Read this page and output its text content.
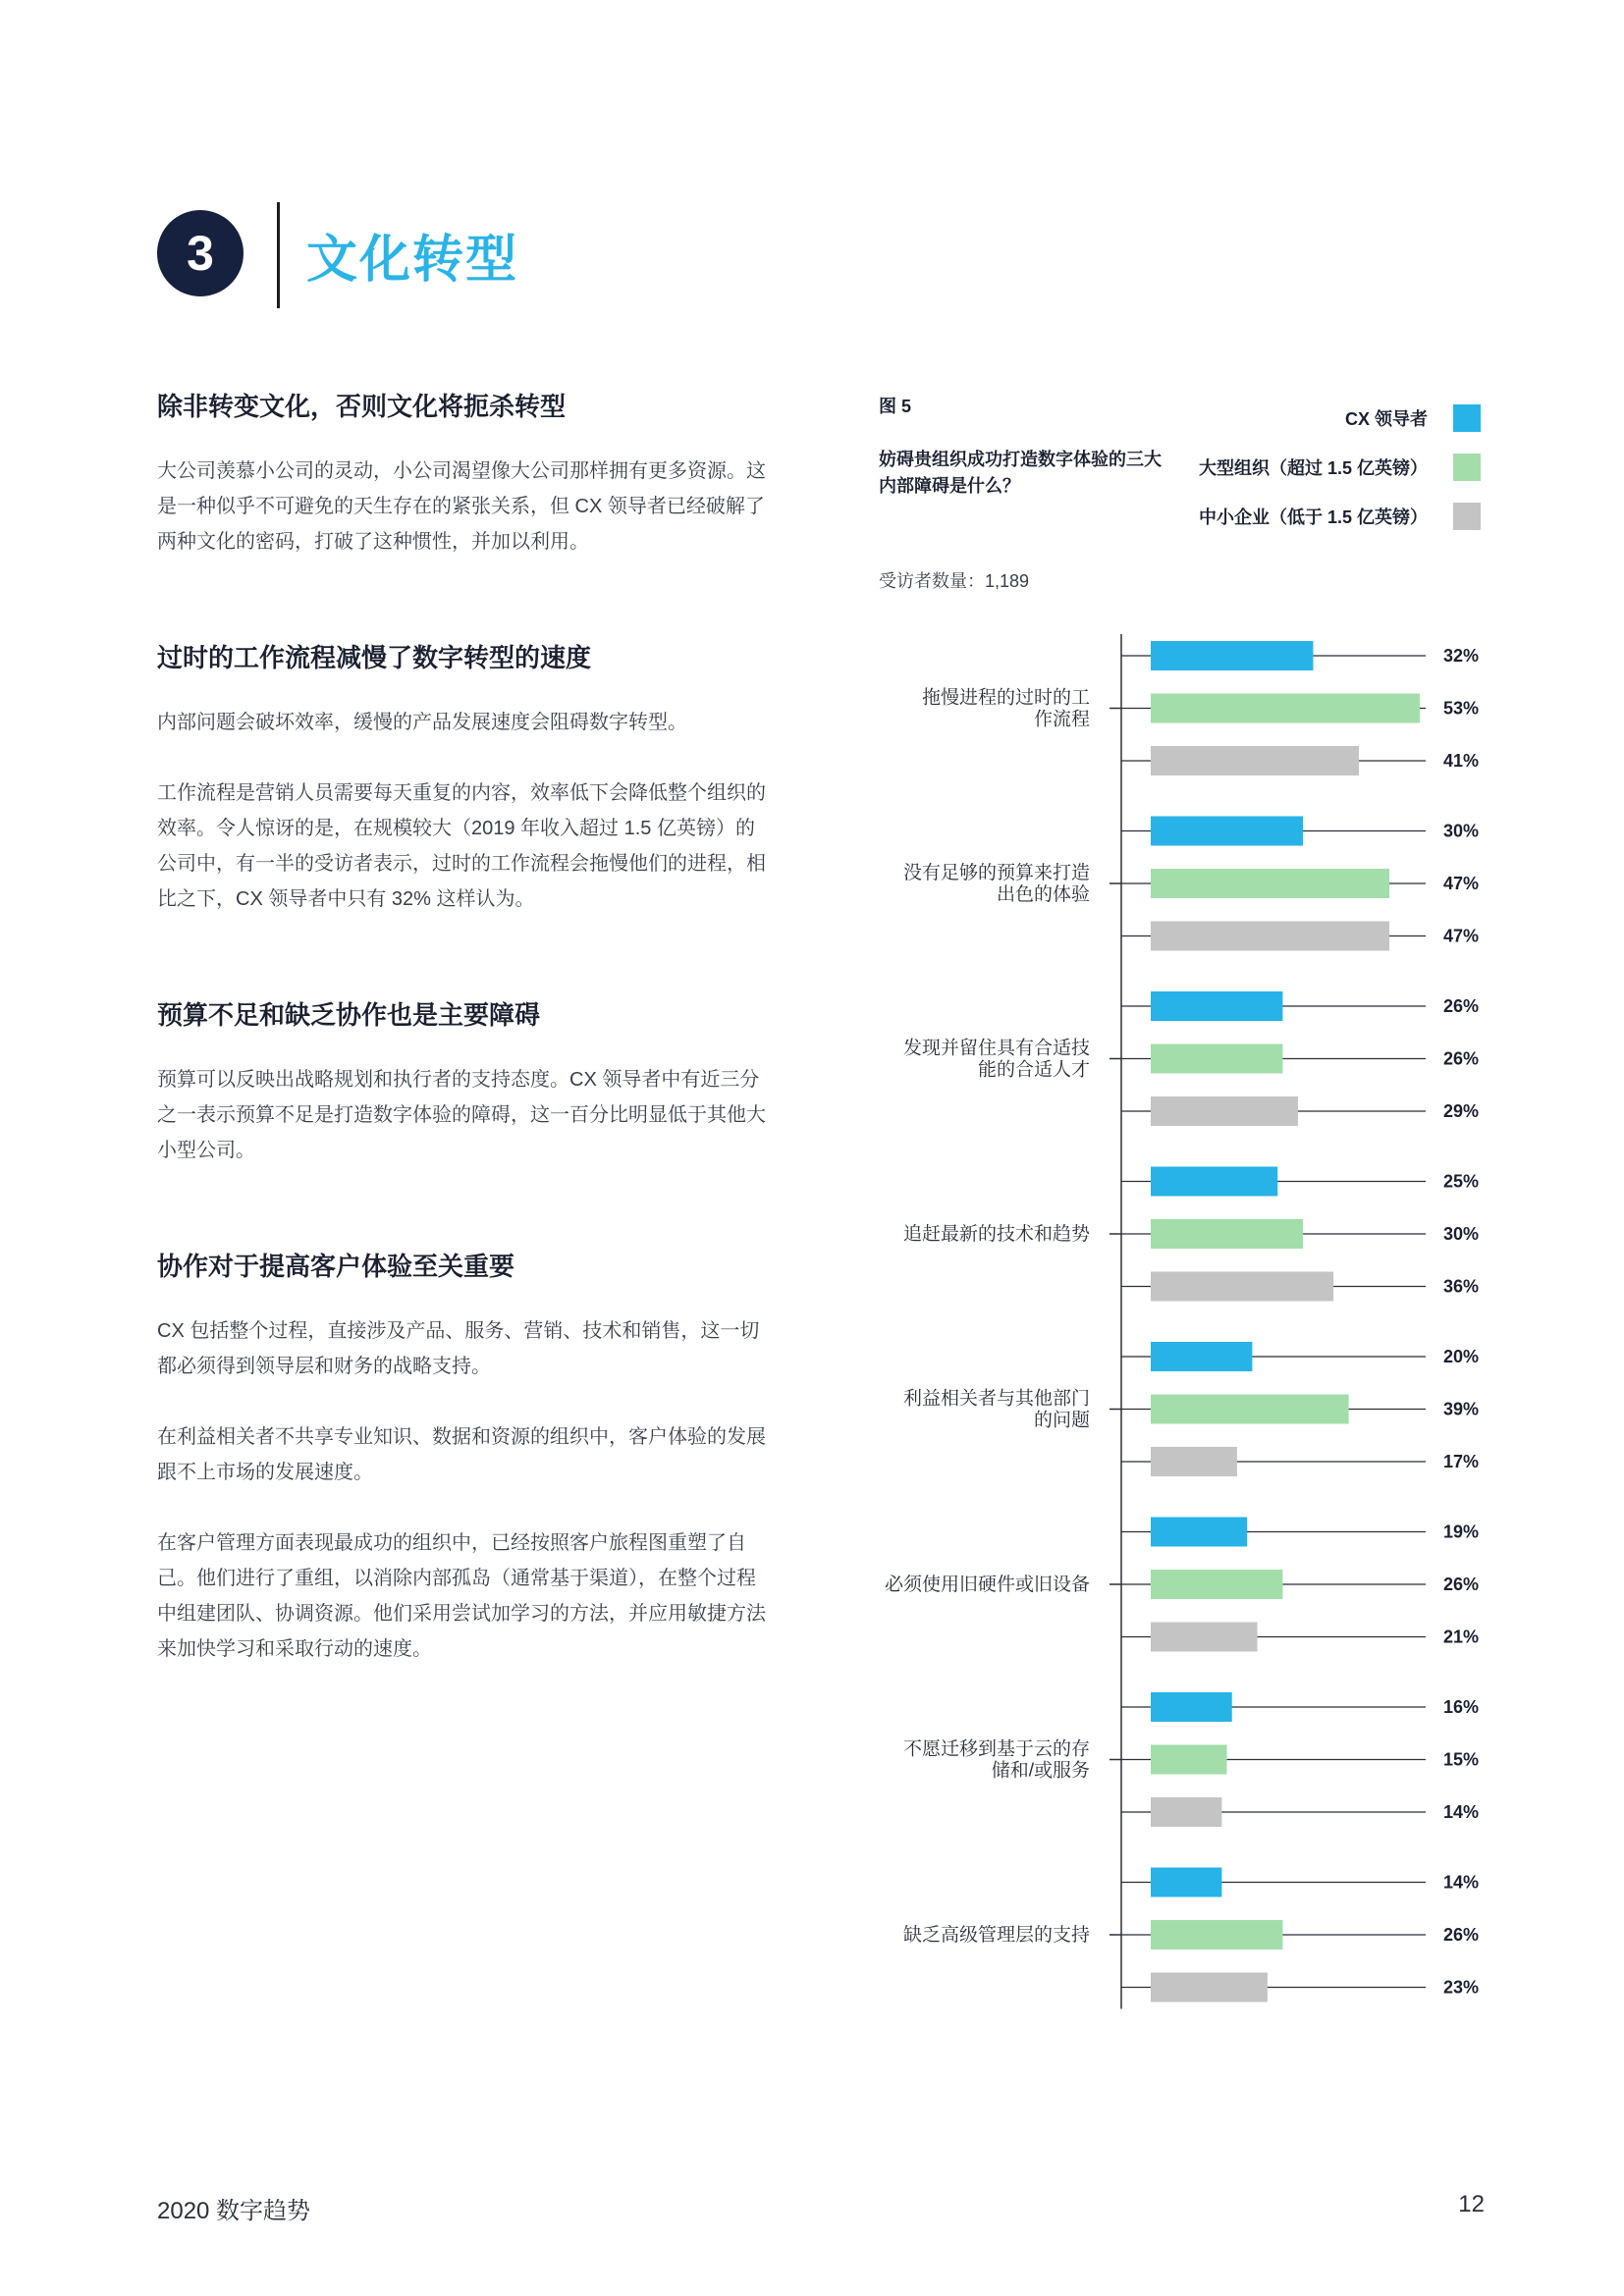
3	文化转型
除非转变文化，否则文化将扼杀转型

大公司羡慕小公司的灵动，小公司渴望像大公司那样拥有更多资源。这是一种似乎不可避免的天生存在的紧张关系，但 CX 领导者已经破解了两种文化的密码，打破了这种惯性，并加以利用。

过时的工作流程减慢了数字转型的速度

内部问题会破坏效率，缓慢的产品发展速度会阻碍数字转型。

工作流程是营销人员需要每天重复的内容，效率低下会降低整个组织的效率。令人惊讶的是，在规模较大（2019 年收入超过 1.5 亿英镑）的公司中，有一半的受访者表示，过时的工作流程会拖慢他们的进程，相比之下，CX 领导者中只有 32% 这样认为。

预算不足和缺乏协作也是主要障碍

预算可以反映出战略规划和执行者的支持态度。CX 领导者中有近三分之一表示预算不足是打造数字体验的障碍，这一百分比明显低于其他大小型公司。

协作对于提高客户体验至关重要

CX 包括整个过程，直接涉及产品、服务、营销、技术和销售，这一切都必须得到领导层和财务的战略支持。

在利益相关者不共享专业知识、数据和资源的组织中，客户体验的发展跟不上市场的发展速度。

在客户管理方面表现最成功的组织中，已经按照客户旅程图重塑了自己。他们进行了重组，以消除内部孤岛（通常基于渠道），在整个过程中组建团队、协调资源。他们采用尝试加学习的方法，并应用敏捷方法来加快学习和采取行动的速度。

图 5
妨碍贵组织成功打造数字体验的三大内部障碍是什么？
受访者数量：1,189
CX 领导者
大型组织（超过 1.5 亿英镑）
中小企业（低于 1.5 亿英镑）
拖慢进程的过时的工作流程
32%
53%
41%
没有足够的预算来打造出色的体验
30%
47%
47%
发现并留住具有合适技能的合适人才
26%
26%
29%
追赶最新的技术和趋势
25%
30%
36%
利益相关者与其他部门的问题
20%
39%
17%
必须使用旧硬件或旧设备
19%
26%
21%
不愿迁移到基于云的存储和/或服务
16%
15%
14%
缺乏高级管理层的支持
14%
26%
23%
2020 数字趋势	12
